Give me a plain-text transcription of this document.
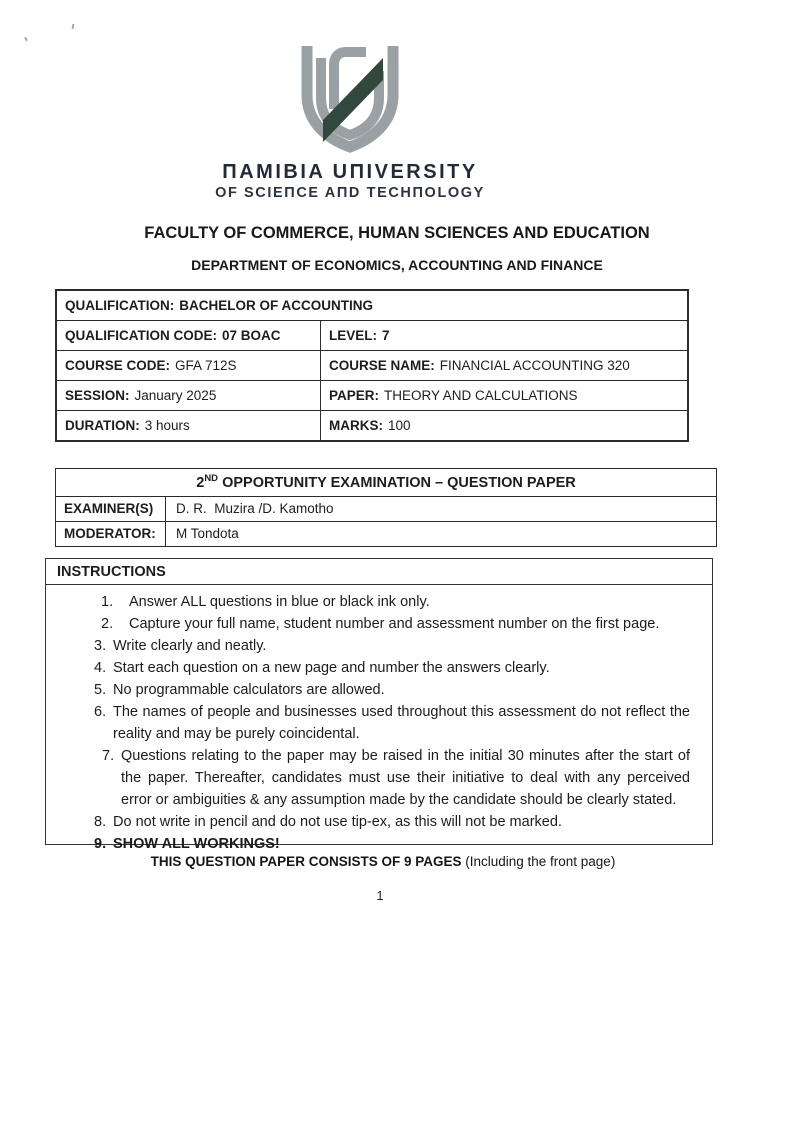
ΠAMIBIA UΠIVERSITY
OF SCIEΠCE AΠD TECHΠOLOGY
FACULTY OF COMMERCE, HUMAN SCIENCES AND EDUCATION
DEPARTMENT OF ECONOMICS, ACCOUNTING AND FINANCE
QUALIFICATION: BACHELOR OF ACCOUNTING
QUALIFICATION CODE: 07 BOAC	LEVEL: 7
COURSE CODE: GFA 712S	COURSE NAME: FINANCIAL ACCOUNTING 320
SESSION: January 2025	PAPER: THEORY AND CALCULATIONS
DURATION: 3 hours	MARKS: 100
2ND OPPORTUNITY EXAMINATION – QUESTION PAPER
EXAMINER(S)	D. R.  Muzira /D. Kamotho
MODERATOR:	M Tondota
INSTRUCTIONS
1.	Answer ALL questions in blue or black ink only.
2.	Capture your full name, student number and assessment number on the first page.
3. Write clearly and neatly.
4. Start each question on a new page and number the answers clearly.
5. No programmable calculators are allowed.
6. The names of people and businesses used throughout this assessment do not reflect the reality and may be purely coincidental.
7. Questions relating to the paper may be raised in the initial 30 minutes after the start of the paper. Thereafter, candidates must use their initiative to deal with any perceived error or ambiguities & any assumption made by the candidate should be clearly stated.
8. Do not write in pencil and do not use tip-ex, as this will not be marked.
9. SHOW ALL WORKINGS!
THIS QUESTION PAPER CONSISTS OF 9 PAGES (Including the front page)
1
